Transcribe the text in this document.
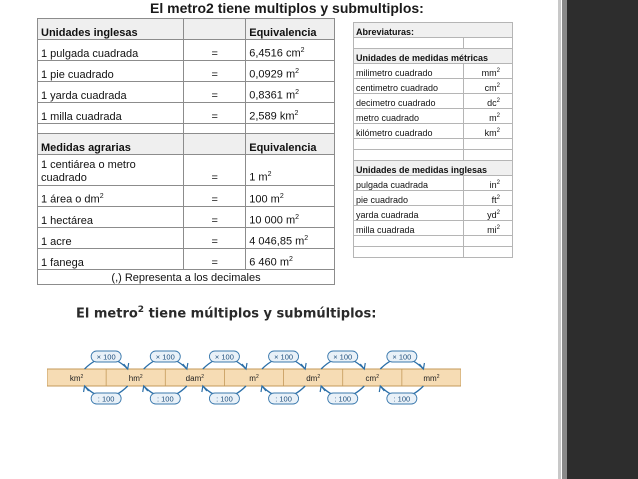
El metro2 tiene multiplos y submultiplos:
Unidades inglesas		Equivalencia
1 pulgada cuadrada	=	6,4516 $cm^2$
1 pie cuadrado	=	0,0929 $m^2$
1 yarda cuadrada	=	0,8361 $m^2$
1 milla cuadrada	=	2,589 $km^2$

Medidas agrarias		Equivalencia
1 centiárea o metro
cuadrado	=	1 $m^2$
1 área o $dm^2$	=	100 $m^2$
1 hectárea	=	10 000 $m^2$
1 acre	=	4 046,85 $m^2$
1 fanega	=	6 460 $m^2$
(,) Representa a los decimales		
Abreviaturas:	

Unidades de medidas métricas	
milimetro cuadrado	$mm^2$
centimetro cuadrado	$cm^2$
decimetro cuadrado	$dc^2$
metro cuadrado	$m^2$
kilómetro cuadrado	$km^2$

Unidades de medidas inglesas	
pulgada cuadrada	$in^2$
pie cuadrado	$ft^2$
yarda cuadrada	$yd^2$
milla cuadrada	$mi^2$

El metro$^2$ tiene múltiplos y submúltiplos:
$km^2$	$hm^2$	dam$^2$	$m^2$	$dm^2$	$cm^2$	$mm^2$
× 100
: 100
× 100
: 100
× 100
: 100
× 100
: 100
× 100
: 100
× 100
: 100
